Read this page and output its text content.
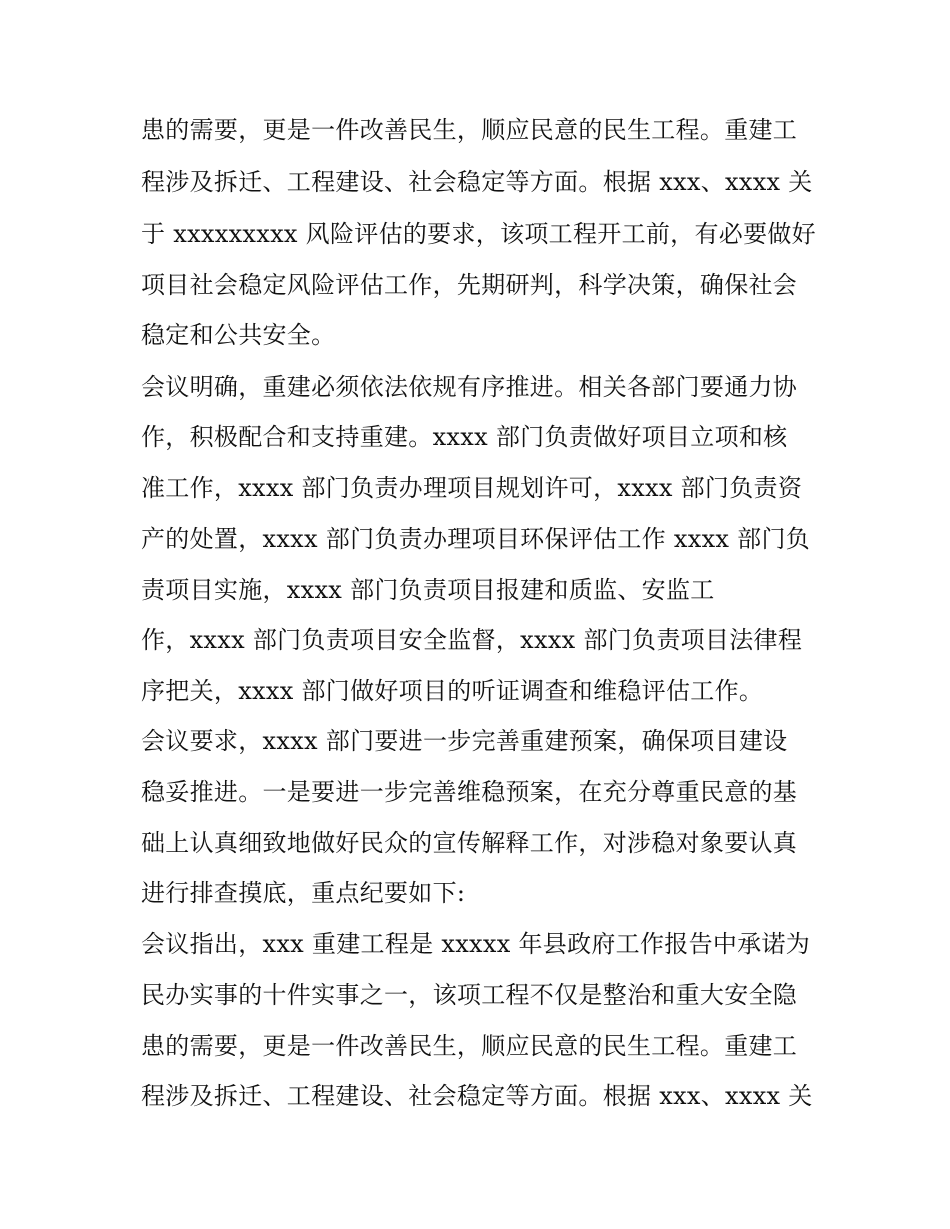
患的需要，更是一件改善民生，顺应民意的民生工程。重建工
程涉及拆迁、工程建设、社会稳定等方面。根据 xxx、xxxx 关
于 xxxxxxxxx 风险评估的要求，该项工程开工前，有必要做好
项目社会稳定风险评估工作，先期研判，科学决策，确保社会
稳定和公共安全。
会议明确，重建必须依法依规有序推进。相关各部门要通力协
作，积极配合和支持重建。xxxx 部门负责做好项目立项和核
准工作，xxxx 部门负责办理项目规划许可，xxxx 部门负责资
产的处置，xxxx 部门负责办理项目环保评估工作 xxxx 部门负
责项目实施，xxxx 部门负责项目报建和质监、安监工
作，xxxx 部门负责项目安全监督，xxxx 部门负责项目法律程
序把关，xxxx 部门做好项目的听证调查和维稳评估工作。
会议要求，xxxx 部门要进一步完善重建预案，确保项目建设
稳妥推进。一是要进一步完善维稳预案，在充分尊重民意的基
础上认真细致地做好民众的宣传解释工作，对涉稳对象要认真
进行排查摸底，重点纪要如下:
会议指出，xxx 重建工程是 xxxxx 年县政府工作报告中承诺为
民办实事的十件实事之一，该项工程不仅是整治和重大安全隐
患的需要，更是一件改善民生，顺应民意的民生工程。重建工
程涉及拆迁、工程建设、社会稳定等方面。根据 xxx、xxxx 关
